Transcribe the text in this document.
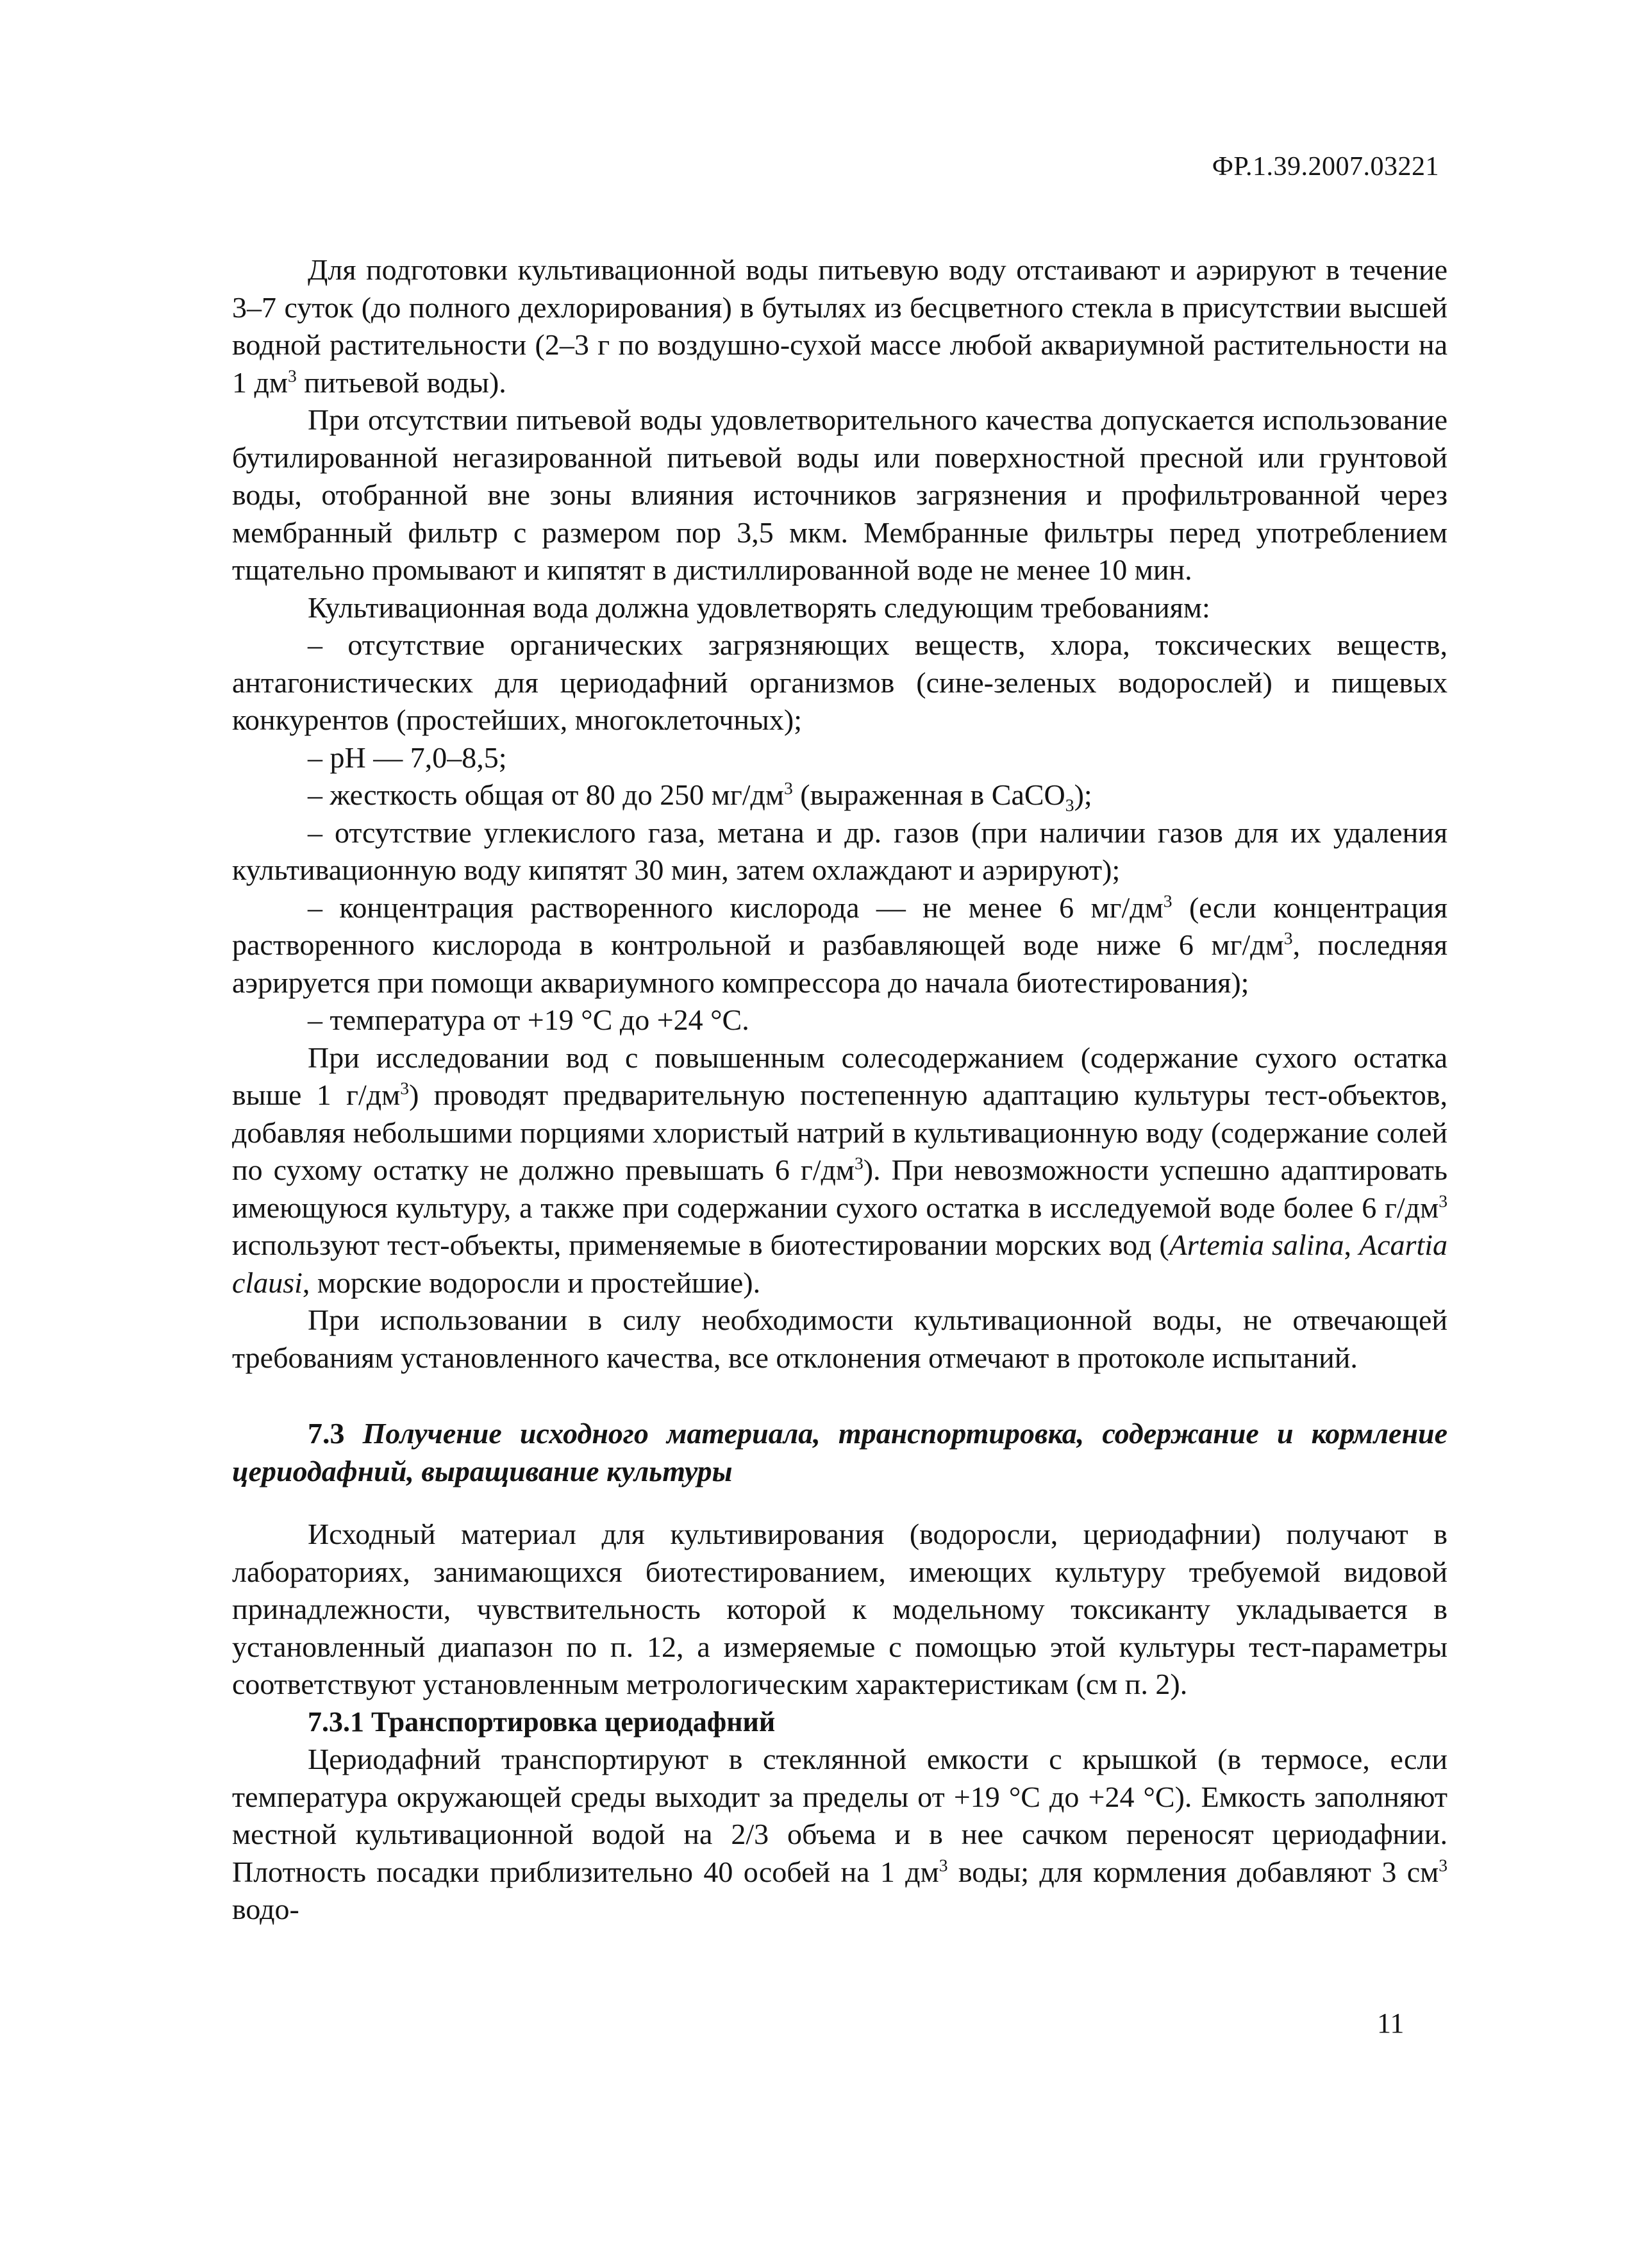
ФР.1.39.2007.03221

Для подготовки культивационной воды питьевую воду отстаивают и аэрируют в течение 3–7 суток (до полного дехлорирования) в бутылях из бесцветного стекла в присутствии высшей водной растительности (2–3 г по воздушно-сухой массе любой аквариумной растительности на 1 $дм^3$ питьевой воды).

При отсутствии питьевой воды удовлетворительного качества допускается использование бутилированной негазированной питьевой воды или поверхностной пресной или грунтовой воды, отобранной вне зоны влияния источников загрязнения и профильтрованной через мембранный фильтр с размером пор 3,5 мкм. Мембранные фильтры перед употреблением тщательно промывают и кипятят в дистиллированной воде не менее 10 мин.

Культивационная вода должна удовлетворять следующим требованиям:

– отсутствие органических загрязняющих веществ, хлора, токсических веществ, антагонистических для цериодафний организмов (сине-зеленых водорослей) и пищевых конкурентов (простейших, многоклеточных);

– pH — 7,0–8,5;

– жесткость общая от 80 до 250 $мг/дм^3$ (выраженная в CaCO$_3$);

– отсутствие углекислого газа, метана и др. газов (при наличии газов для их удаления культивационную воду кипятят 30 мин, затем охлаждают и аэрируют);

– концентрация растворенного кислорода — не менее 6 $мг/дм^3$ (если концентрация растворенного кислорода в контрольной и разбавляющей воде ниже 6 $мг/дм^3$, последняя аэрируется при помощи аквариумного компрессора до начала биотестирования);

– температура от +19 °С до +24 °С.

При исследовании вод с повышенным солесодержанием (содержание сухого остатка выше 1 $г/дм^3$) проводят предварительную постепенную адаптацию культуры тест-объектов, добавляя небольшими порциями хлористый натрий в культивационную воду (содержание солей по сухому остатку не должно превышать 6 $г/дм^3$). При невозможности успешно адаптировать имеющуюся культуру, а также при содержании сухого остатка в исследуемой воде более 6 $г/дм^3$ используют тест-объекты, применяемые в биотестировании морских вод (Artemia salina, Acartia clausi, морские водоросли и простейшие).

При использовании в силу необходимости культивационной воды, не отвечающей требованиям установленного качества, все отклонения отмечают в протоколе испытаний.

7.3 Получение исходного материала, транспортировка, содержание и кормление цериодафний, выращивание культуры

Исходный материал для культивирования (водоросли, цериодафнии) получают в лабораториях, занимающихся биотестированием, имеющих культуру требуемой видовой принадлежности, чувствительность которой к модельному токсиканту укладывается в установленный диапазон по п. 12, а измеряемые с помощью этой культуры тест-параметры соответствуют установленным метрологическим характеристикам (см п. 2).

7.3.1 Транспортировка цериодафний

Цериодафний транспортируют в стеклянной емкости с крышкой (в термосе, если температура окружающей среды выходит за пределы от +19 °С до +24 °С). Емкость заполняют местной культивационной водой на 2/3 объема и в нее сачком переносят цериодафнии. Плотность посадки приблизительно 40 особей на 1 $дм^3$ воды; для кормления добавляют 3 $см^3$ водо-

11
